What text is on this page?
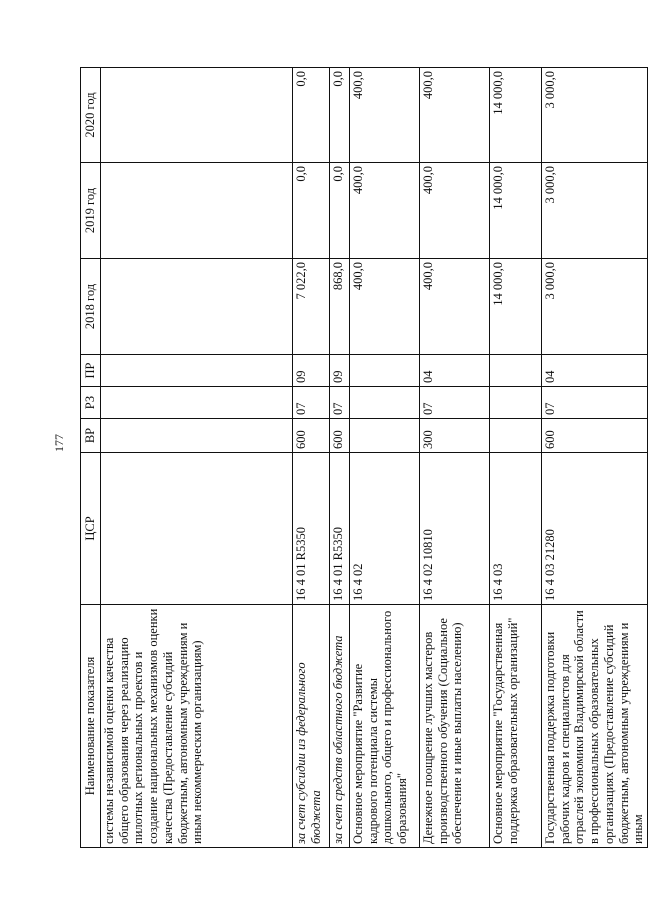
177
Наименование показателя	ЦСР	ВР	РЗ	ПР	2018 год	2019 год	2020 год
системы независимой оценки качества общего образования через реализацию пилотных региональных проектов и создание национальных механизмов оценки качества (Предоставление субсидий бюджетным, автономным учреждениям и иным некоммерческим организациям)							
за счет субсидии из федерального бюджета	16 4 01 R5350	600	07	09	7 022,0	0,0	0,0
за счет средств областного бюджета	16 4 01 R5350	600	07	09	868,0	0,0	0,0
Основное мероприятие "Развитие кадрового потенциала системы дошкольного, общего и профессионального образования"	16 4 02				400,0	400,0	400,0
Денежное поощрение лучших мастеров производственного обучения (Социальное обеспечение и иные выплаты населению)	16 4 02 10810	300	07	04	400,0	400,0	400,0
Основное мероприятие "Государственная поддержка образовательных организаций"	16 4 03				14 000,0	14 000,0	14 000,0
Государственная поддержка подготовки рабочих кадров и специалистов для отраслей экономики Владимирской области в профессиональных образовательных организациях (Предоставление субсидий бюджетным, автономным учреждениям и иным	16 4 03 21280	600	07	04	3 000,0	3 000,0	3 000,0
